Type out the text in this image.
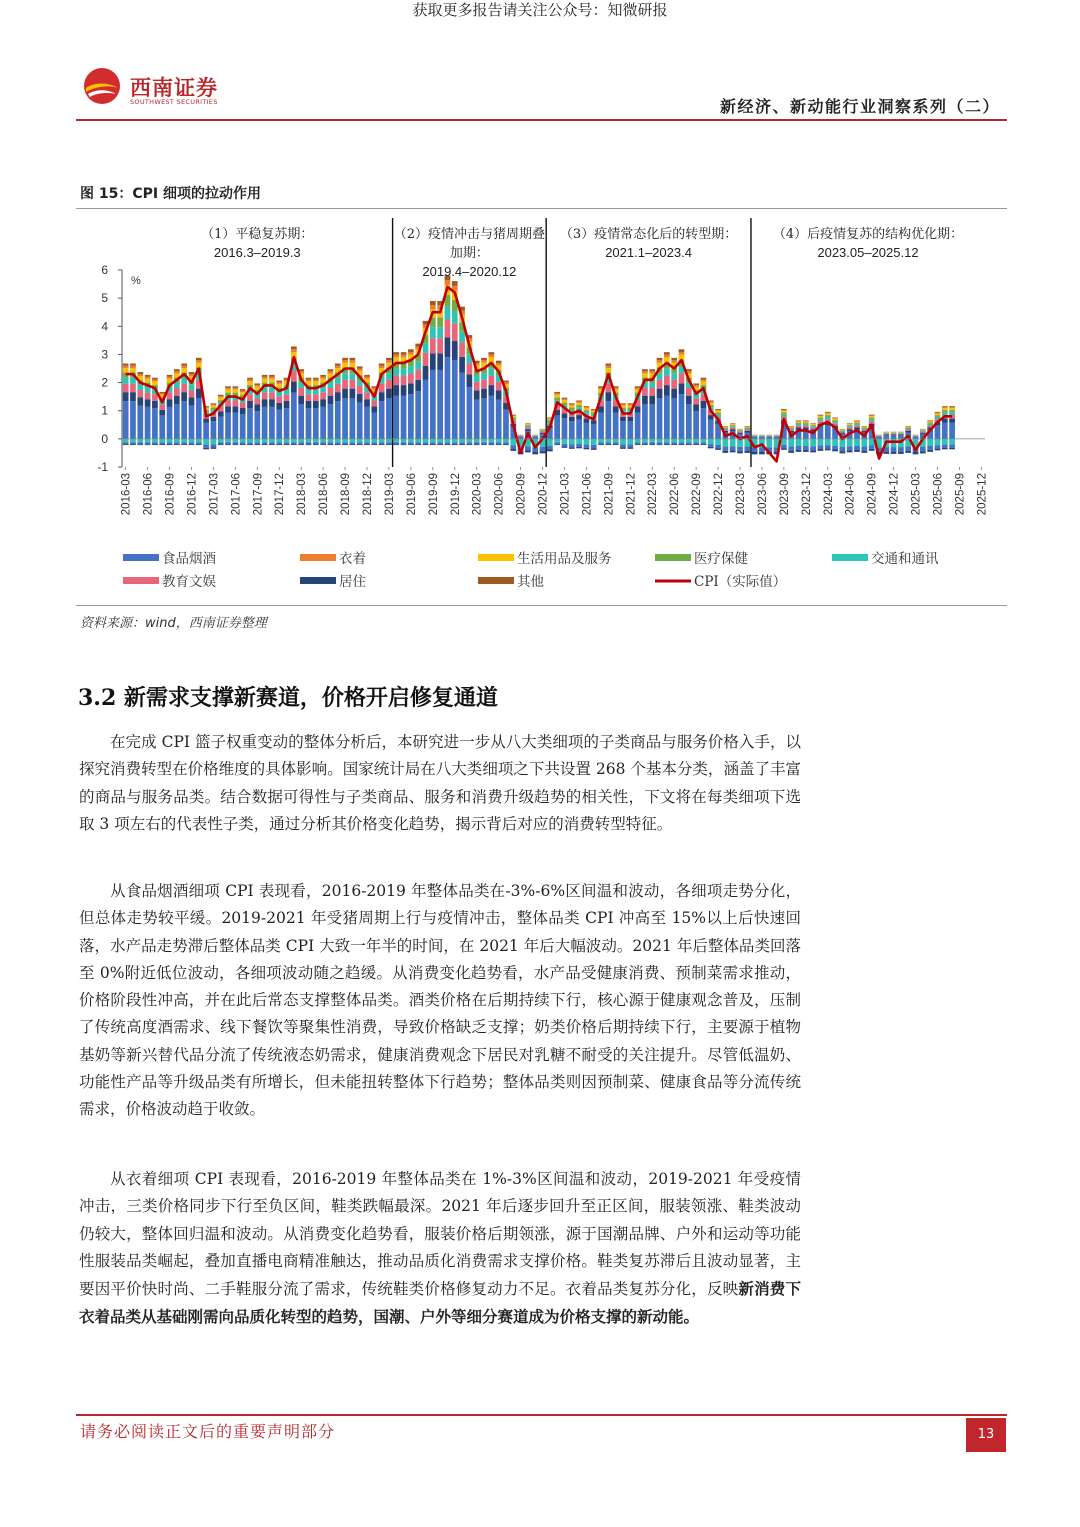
获取更多报告请关注公众号：知微研报
西南证券
SOUTHWEST SECURITIES	新经济、新动能行业洞察系列（二）
图 15：CPI 细项的拉动作用
-1
0
1
2
3
4
5
6
%
2016-03 2016-06 2016-09 2016-12 2017-03 2017-06 2017-09 2017-12 2018-03 2018-06 2018-09 2018-12 2019-03 2019-06 2019-09 2019-12 2020-03 2020-06 2020-09 2020-12 2021-03 2021-06 2021-09 2021-12 2022-03 2022-06 2022-09 2022-12 2023-03 2023-06 2023-09 2023-12 2024-03 2024-06 2024-09 2024-12 2025-03 2025-06 2025-09 2025-12
（1）平稳复苏期：
2016.3–2019.3
（2）疫情冲击与猪周期叠
加期：
2019.4–2020.12
（3）疫情常态化后的转型期：
2021.1–2023.4
（4）后疫情复苏的结构优化期：
2023.05–2025.12
食品烟酒	衣着	生活用品及服务	医疗保健	交通和通讯
教育文娱	居住	其他	CPI（实际值）
资料来源：wind，西南证券整理
3.2 新需求支撑新赛道，价格开启修复通道

在完成 CPI 篮子权重变动的整体分析后，本研究进一步从八大类细项的子类商品与服务价格入手，以探究消费转型在价格维度的具体影响。国家统计局在八大类细项之下共设置 268 个基本分类，涵盖了丰富的商品与服务品类。结合数据可得性与子类商品、服务和消费升级趋势的相关性，下文将在每类细项下选取 3 项左右的代表性子类，通过分析其价格变化趋势，揭示背后对应的消费转型特征。

从食品烟酒细项 CPI 表现看，2016-2019 年整体品类在-3%-6%区间温和波动，各细项走势分化，但总体走势较平缓。2019-2021 年受猪周期上行与疫情冲击，整体品类 CPI 冲高至 15%以上后快速回落，水产品走势滞后整体品类 CPI 大致一年半的时间，在 2021 年后大幅波动。2021 年后整体品类回落至 0%附近低位波动，各细项波动随之趋缓。从消费变化趋势看，水产品受健康消费、预制菜需求推动，价格阶段性冲高，并在此后常态支撑整体品类。酒类价格在后期持续下行，核心源于健康观念普及，压制了传统高度酒需求、线下餐饮等聚集性消费，导致价格缺乏支撑；奶类价格后期持续下行，主要源于植物基奶等新兴替代品分流了传统液态奶需求，健康消费观念下居民对乳糖不耐受的关注提升。尽管低温奶、功能性产品等升级品类有所增长，但未能扭转整体下行趋势；整体品类则因预制菜、健康食品等分流传统需求，价格波动趋于收敛。

从衣着细项 CPI 表现看，2016-2019 年整体品类在 1%-3%区间温和波动，2019-2021 年受疫情冲击，三类价格同步下行至负区间，鞋类跌幅最深。2021 年后逐步回升至正区间，服装领涨、鞋类波动仍较大，整体回归温和波动。从消费变化趋势看，服装价格后期领涨，源于国潮品牌、户外和运动等功能性服装品类崛起，叠加直播电商精准触达，推动品质化消费需求支撑价格。鞋类复苏滞后且波动显著，主要因平价快时尚、二手鞋服分流了需求，传统鞋类价格修复动力不足。衣着品类复苏分化，反映新消费下衣着品类从基础刚需向品质化转型的趋势，国潮、户外等细分赛道成为价格支撑的新动能。

请务必阅读正文后的重要声明部分	13
